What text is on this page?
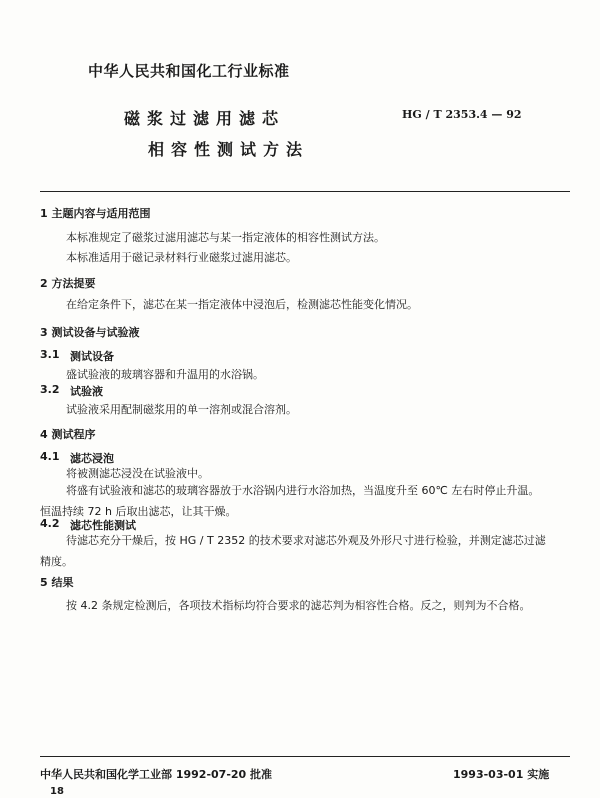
中华人民共和国化工行业标准
磁浆过滤用滤芯
相容性测试方法
HG / T 2353.4 — 92
1 主题内容与适用范围
本标准规定了磁浆过滤用滤芯与某一指定液体的相容性测试方法。
本标准适用于磁记录材料行业磁浆过滤用滤芯。
2 方法提要
在给定条件下，滤芯在某一指定液体中浸泡后，检测滤芯性能变化情况。
3 测试设备与试验液
3.1 测试设备
盛试验液的玻璃容器和升温用的水浴锅。
3.2 试验液
试验液采用配制磁浆用的单一溶剂或混合溶剂。
4 测试程序
4.1 滤芯浸泡
将被测滤芯浸没在试验液中。
将盛有试验液和滤芯的玻璃容器放于水浴锅内进行水浴加热，当温度升至 60℃ 左右时停止升温。恒温持续 72 h 后取出滤芯，让其干燥。
4.2 滤芯性能测试
待滤芯充分干燥后，按 HG / T 2352 的技术要求对滤芯外观及外形尺寸进行检验，并测定滤芯过滤精度。
5 结果
按 4.2 条规定检测后，各项技术指标均符合要求的滤芯判为相容性合格。反之，则判为不合格。
中华人民共和国化学工业部 1992-07-20 批准	1993-03-01 实施
18
